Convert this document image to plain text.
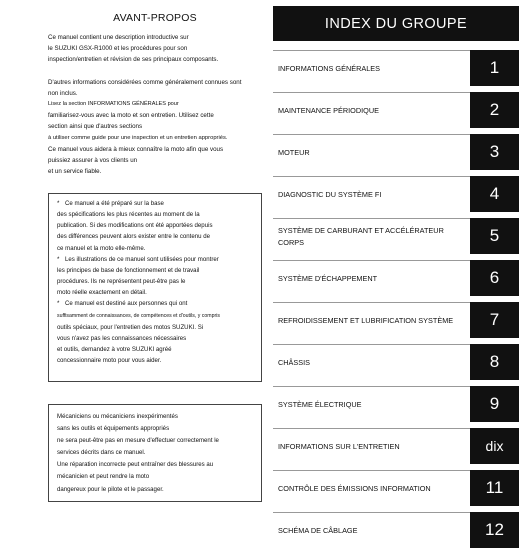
AVANT-PROPOS

Ce manuel contient une description introductive sur

le SUZUKI GSX-R1000 et les procédures pour son

inspection/entretien et révision de ses principaux composants.

D'autres informations considérées comme généralement connues sont

non inclus.

Lisez la section INFORMATIONS GÉNÉRALES pour

familiarisez-vous avec la moto et son entretien. Utilisez cette

section ainsi que d'autres sections

à utiliser comme guide pour une inspection et un entretien appropriés.

Ce manuel vous aidera à mieux connaître la moto afin que vous

puissiez assurer à vos clients un

et un service fiable.

* Ce manuel a été préparé sur la base

des spécifications les plus récentes au moment de la

publication. Si des modifications ont été apportées depuis

des différences peuvent alors exister entre le contenu de

ce manuel et la moto elle-même.

* Les illustrations de ce manuel sont utilisées pour montrer

les principes de base de fonctionnement et de travail

procédures. Ils ne représentent peut-être pas le

moto réelle exactement en détail.

* Ce manuel est destiné aux personnes qui ont

suffisamment de connaissances, de compétences et d'outils, y compris

outils spéciaux, pour l'entretien des motos SUZUKI. Si

vous n'avez pas les connaissances nécessaires

et outils, demandez à votre SUZUKI agréé

concessionnaire moto pour vous aider.

Mécaniciens ou mécaniciens inexpérimentés

sans les outils et équipements appropriés

ne sera peut-être pas en mesure d'effectuer correctement le

services décrits dans ce manuel.

Une réparation incorrecte peut entraîner des blessures au

mécanicien et peut rendre la moto

dangereux pour le pilote et le passager.

INDEX DU GROUPE
INFORMATIONS GÉNÉRALES	1
MAINTENANCE PÉRIODIQUE	2
MOTEUR	3
DIAGNOSTIC DU SYSTÈME FI	4
SYSTÈME DE CARBURANT ET ACCÉLÉRATEUR CORPS	5
SYSTÈME D'ÉCHAPPEMENT	6
REFROIDISSEMENT ET LUBRIFICATION SYSTÈME	7
CHÂSSIS	8
SYSTÈME ÉLECTRIQUE	9
INFORMATIONS SUR L'ENTRETIEN	dix
CONTRÔLE DES ÉMISSIONS INFORMATION	11
SCHÉMA DE CÂBLAGE	12
